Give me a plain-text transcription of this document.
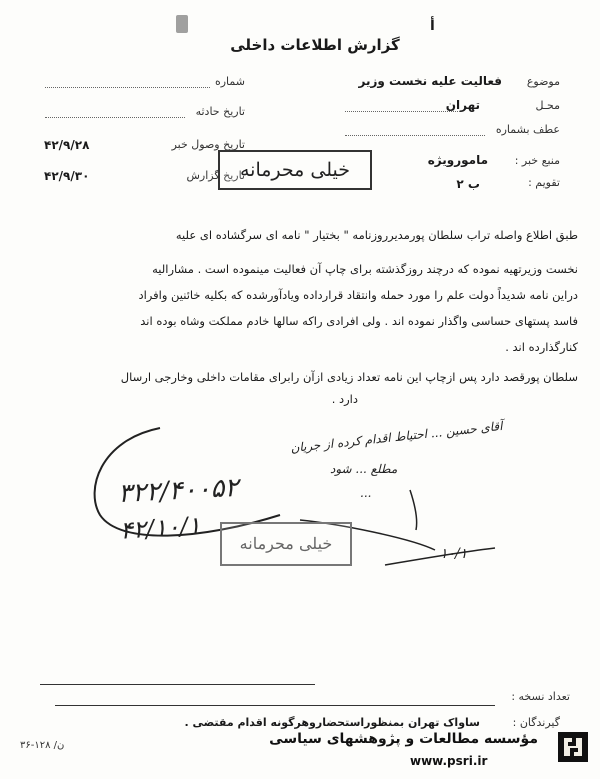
أ
گزارش اطلاعات داخلی
شماره
تاریخ حادثه
تاریخ وصول خبر
۴۲/۹/۲۸
تاریخ گزارش
۴۲/۹/۳۰	خیلی محرمانه
موضوع
فعالیت علیه نخست وزیر
محـل
تهران
عطف بشماره
منبع خبر :
مامورویژه
تقویم :
ب ۲

طبق اطلاع واصله تراب سلطان پورمدیرروزنامه " بختیار " نامه ای سرگشاده ای علیه

نخست وزیرتهیه نموده که درچند روزگذشته برای چاپ آن فعالیت مینموده است . مشارالیه

دراین نامه شدیداً دولت علم را مورد حمله وانتقاد قرارداده ویادآورشده که بکلیه خائنین وافراد

فاسد پستهای حساسی واگذار نموده اند . ولی افرادی راکه سالها خادم مملکت وشاه بوده اند

کنارگذارده اند .

سلطان پورقصد دارد پس ازچاپ این نامه تعداد زیادی ازآن رابرای مقامات داخلی وخارجی ارسال

دارد .

آقای حسین ... احتیاط اقدام کرده از جریان
مطلع ... شود
...
۳۲۲/۴۰۰۵۲
۴۲/۱۰/۱
۱۰/۱
خیلی محرمانه
تعداد نسخه :
گیرندگان :
ساواک تهران بمنظوراستحضاروهرگونه اقدام مقتضی .
۳۶-۱۲۸ /ن	مؤسسه مطالعات و پژوهشهای سیاسی
www.psri.ir
